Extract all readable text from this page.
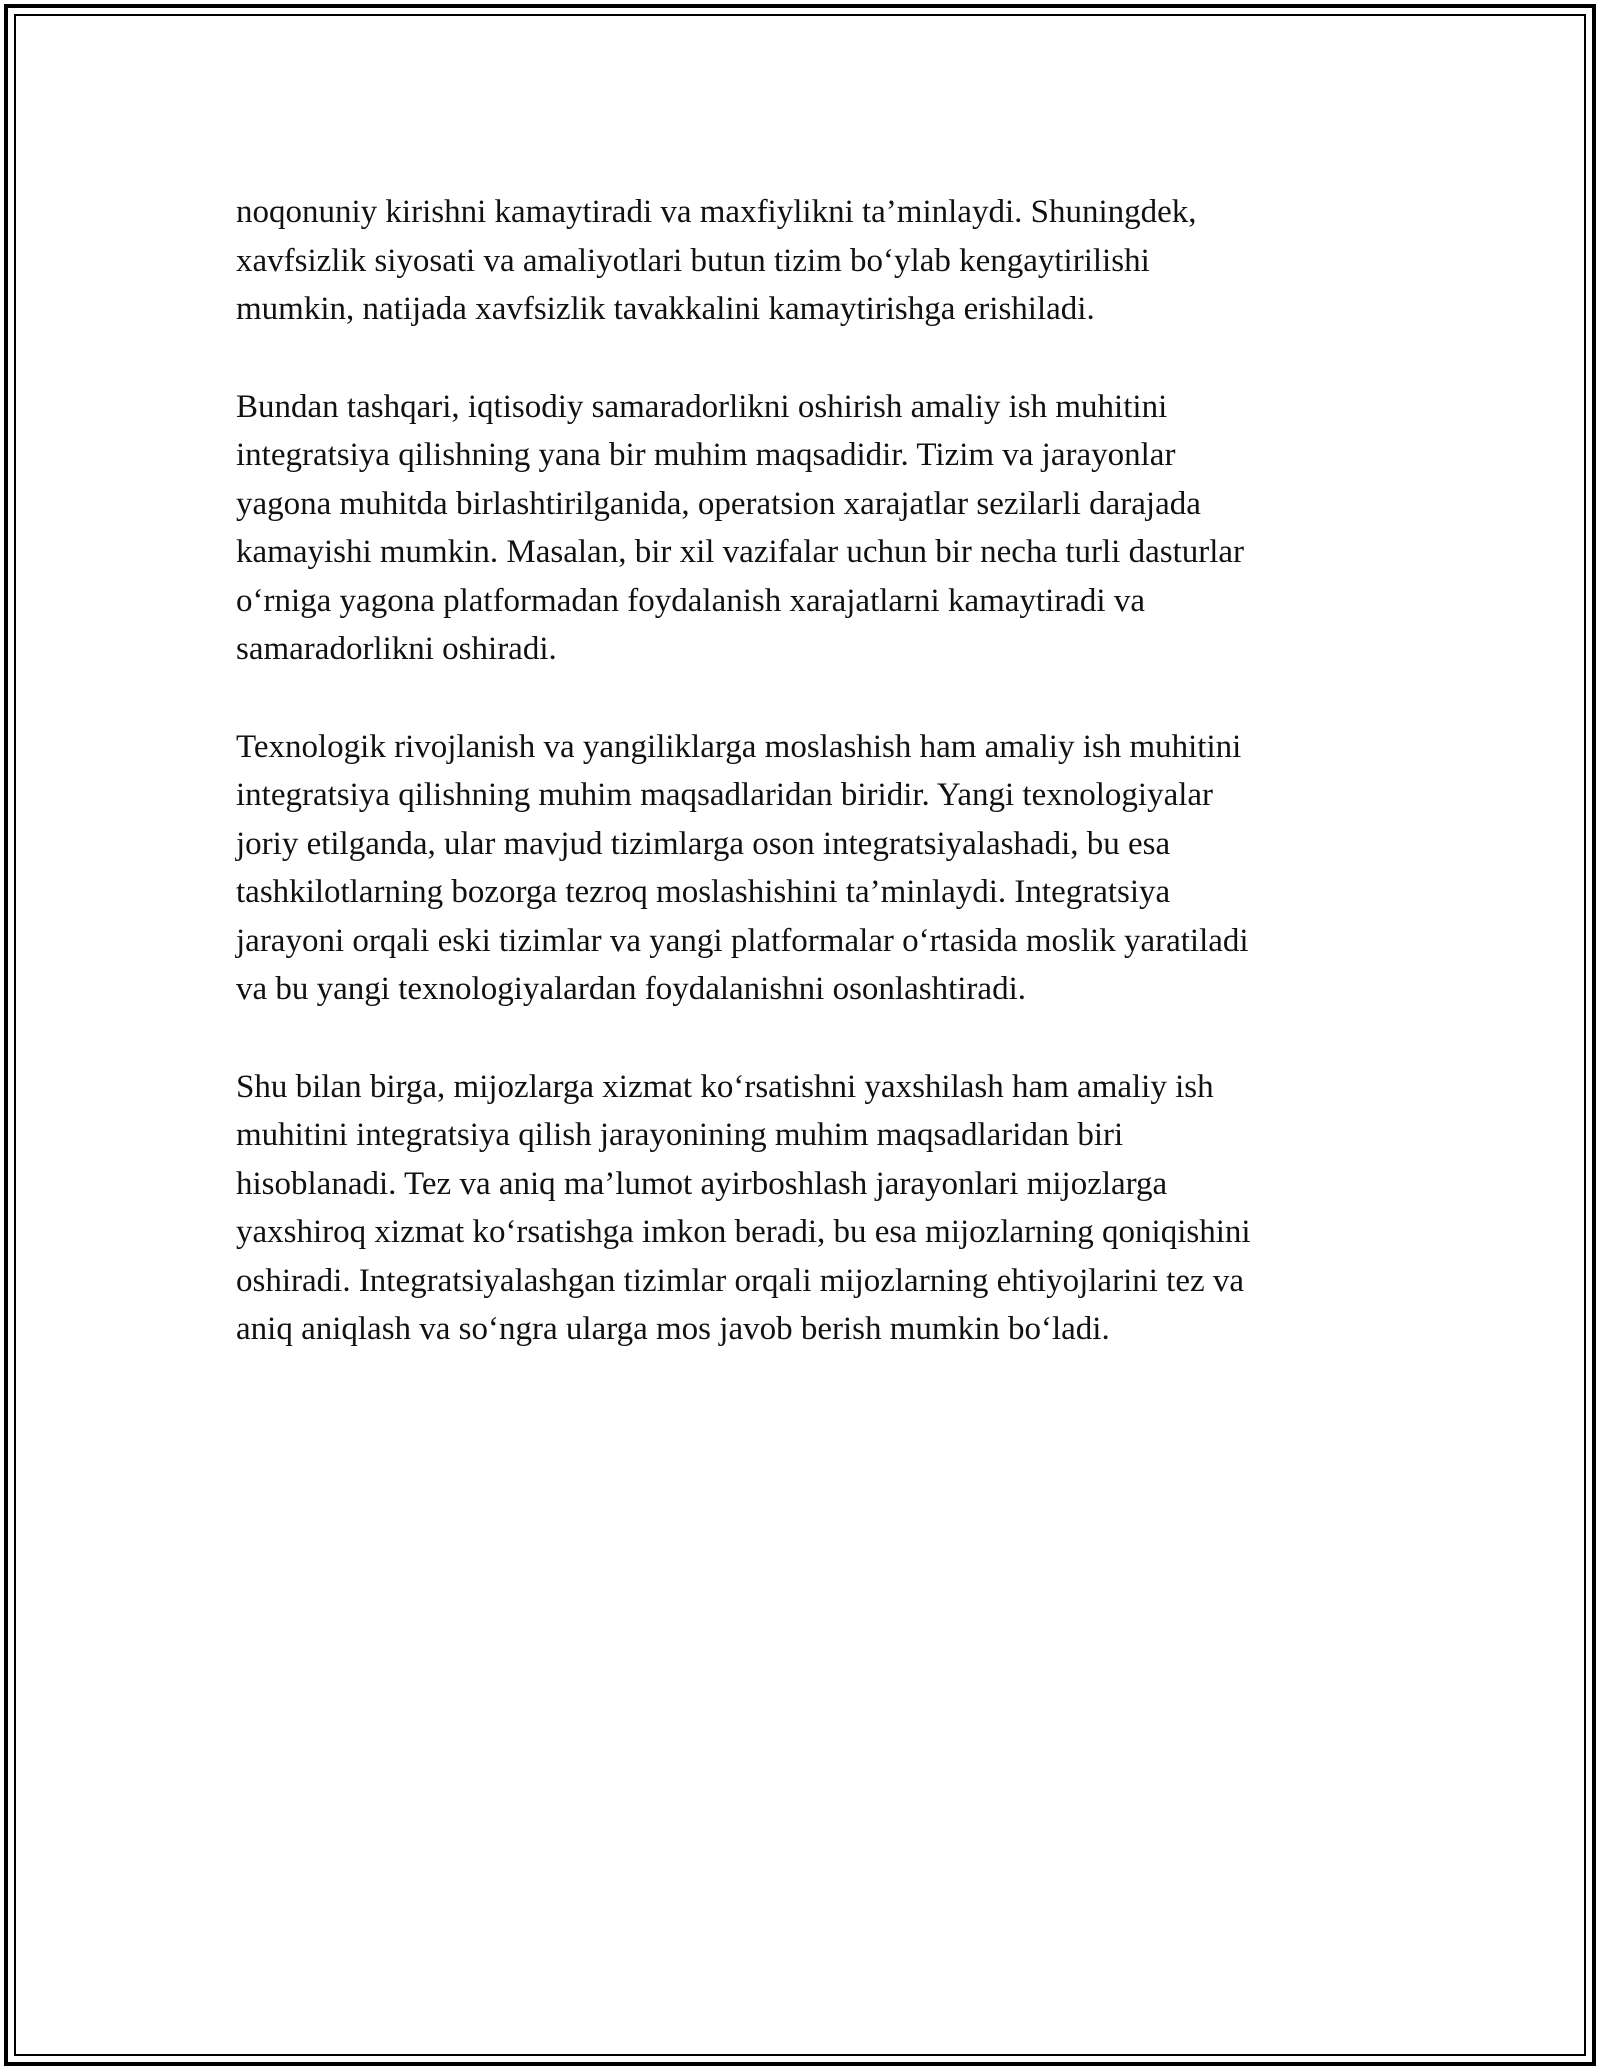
noqonuniy kirishni kamaytiradi va maxfiylikni ta’minlaydi. Shuningdek,
xavfsizlik siyosati va amaliyotlari butun tizim bo‘ylab kengaytirilishi
mumkin, natijada xavfsizlik tavakkalini kamaytirishga erishiladi.

Bundan tashqari, iqtisodiy samaradorlikni oshirish amaliy ish muhitini
integratsiya qilishning yana bir muhim maqsadidir. Tizim va jarayonlar
yagona muhitda birlashtirilganida, operatsion xarajatlar sezilarli darajada
kamayishi mumkin. Masalan, bir xil vazifalar uchun bir necha turli dasturlar
o‘rniga yagona platformadan foydalanish xarajatlarni kamaytiradi va
samaradorlikni oshiradi.

Texnologik rivojlanish va yangiliklarga moslashish ham amaliy ish muhitini
integratsiya qilishning muhim maqsadlaridan biridir. Yangi texnologiyalar
joriy etilganda, ular mavjud tizimlarga oson integratsiyalashadi, bu esa
tashkilotlarning bozorga tezroq moslashishini ta’minlaydi. Integratsiya
jarayoni orqali eski tizimlar va yangi platformalar o‘rtasida moslik yaratiladi
va bu yangi texnologiyalardan foydalanishni osonlashtiradi.

Shu bilan birga, mijozlarga xizmat ko‘rsatishni yaxshilash ham amaliy ish
muhitini integratsiya qilish jarayonining muhim maqsadlaridan biri
hisoblanadi. Tez va aniq ma’lumot ayirboshlash jarayonlari mijozlarga
yaxshiroq xizmat ko‘rsatishga imkon beradi, bu esa mijozlarning qoniqishini
oshiradi. Integratsiyalashgan tizimlar orqali mijozlarning ehtiyojlarini tez va
aniq aniqlash va so‘ngra ularga mos javob berish mumkin bo‘ladi.
